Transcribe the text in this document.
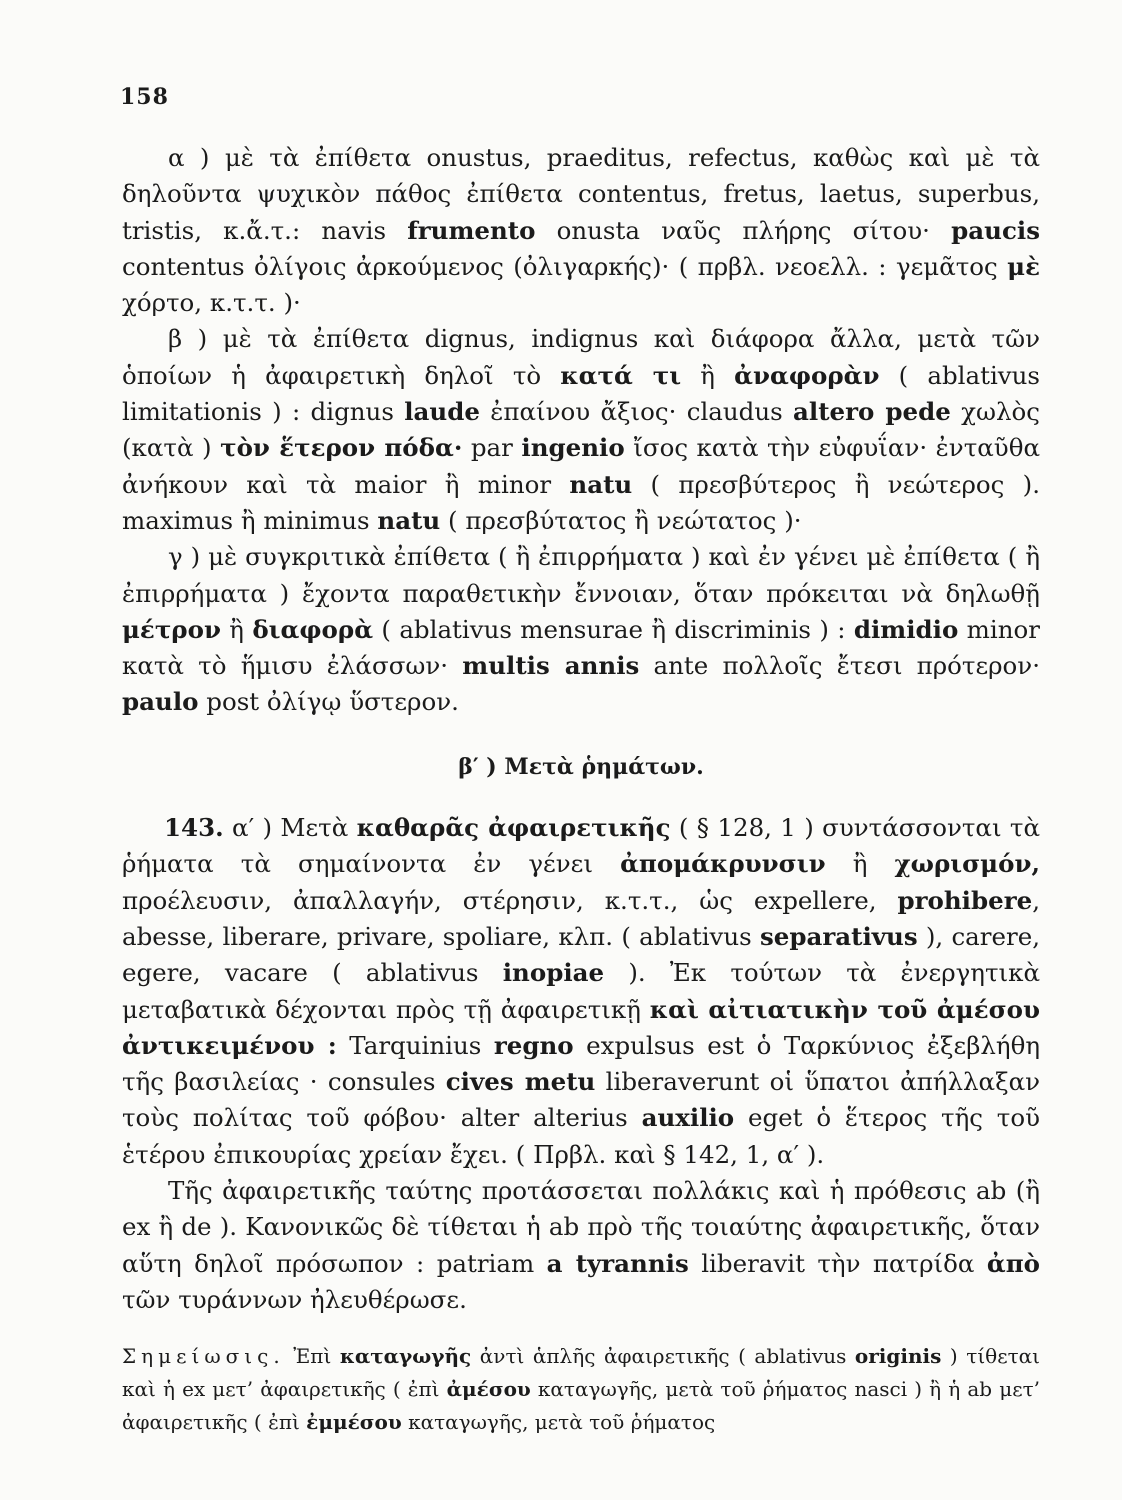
158

α ) μὲ τὰ ἐπίθετα onustus, praeditus, refectus, καθὼς καὶ μὲ τὰ δηλοῦντα ψυχικὸν πάθος ἐπίθετα contentus, fretus, laetus, superbus, tristis, κ.ἄ.τ.: navis frumento onusta ναῦς πλήρης σίτου· paucis contentus ὀλίγοις ἀρκούμενος (ὀλιγαρκής)· ( πρβλ. νεοελλ. : γεμᾶτος μὲ χόρτο, κ.τ.τ. )·

β ) μὲ τὰ ἐπίθετα dignus, indignus καὶ διάφορα ἄλλα, μετὰ τῶν ὁποίων ἡ ἀφαιρετικὴ δηλοῖ τὸ κατά τι ἢ ἀναφορὰν ( ablativus limitationis ) : dignus laude ἐπαίνου ἄξιος· claudus altero pede χωλὸς (κατὰ ) τὸν ἕτερον πόδα· par ingenio ἴσος κατὰ τὴν εὐφυΐαν· ἐνταῦθα ἀνήκουν καὶ τὰ maior ἢ minor natu ( πρεσβύτερος ἢ νεώτερος ). maximus ἢ minimus natu ( πρεσβύτατος ἢ νεώτατος )·

γ ) μὲ συγκριτικὰ ἐπίθετα ( ἢ ἐπιρρήματα ) καὶ ἐν γένει μὲ ἐπίθετα ( ἢ ἐπιρρήματα ) ἔχοντα παραθετικὴν ἔννοιαν, ὅταν πρόκειται νὰ δηλωθῇ μέτρον ἢ διαφορὰ ( ablativus mensurae ἢ discriminis ) : dimidio minor κατὰ τὸ ἥμισυ ἐλάσσων· multis annis ante πολλοῖς ἔτεσι πρότερον· paulo post ὀλίγῳ ὕστερον.

β′ ) Μετὰ ῥημάτων.

143. α′ ) Μετὰ καθαρᾶς ἀφαιρετικῆς ( § 128, 1 ) συντάσσονται τὰ ῥήματα τὰ σημαίνοντα ἐν γένει ἀπομάκρυνσιν ἢ χωρισμόν, προέλευσιν, ἀπαλλαγήν, στέρησιν, κ.τ.τ., ὡς expellere, prohibere, abesse, liberare, privare, spoliare, κλπ. ( ablativus separativus ), carere, egere, vacare ( ablativus inopiae ). Ἐκ τούτων τὰ ἐνεργητικὰ μεταβατικὰ δέχονται πρὸς τῇ ἀφαιρετικῇ καὶ αἰτιατικὴν τοῦ ἀμέσου ἀντικειμένου : Tarquinius regno expulsus est ὁ Ταρκύνιος ἐξεβλήθη τῆς βασιλείας · consules cives metu liberaverunt οἱ ὕπατοι ἀπήλλαξαν τοὺς πολίτας τοῦ φόβου· alter alterius auxilio eget ὁ ἕτερος τῆς τοῦ ἑτέρου ἐπικουρίας χρείαν ἔχει. ( Πρβλ. καὶ § 142, 1, α′ ).

Τῆς ἀφαιρετικῆς ταύτης προτάσσεται πολλάκις καὶ ἡ πρόθεσις ab (ἢ ex ἢ de ). Κανονικῶς δὲ τίθεται ἡ ab πρὸ τῆς τοιαύτης ἀφαιρετικῆς, ὅταν αὕτη δηλοῖ πρόσωπον : patriam a tyrannis liberavit τὴν πατρίδα ἀπὸ τῶν τυράννων ἠλευθέρωσε.

Σημείωσις. Ἐπὶ καταγωγῆς ἀντὶ ἁπλῆς ἀφαιρετικῆς ( ablativus originis ) τίθεται καὶ ἡ ex μετ’ ἀφαιρετικῆς ( ἐπὶ ἀμέσου καταγωγῆς, μετὰ τοῦ ῥήματος nasci ) ἢ ἡ ab μετ’ ἀφαιρετικῆς ( ἐπὶ ἐμμέσου καταγωγῆς, μετὰ τοῦ ῥήματος
